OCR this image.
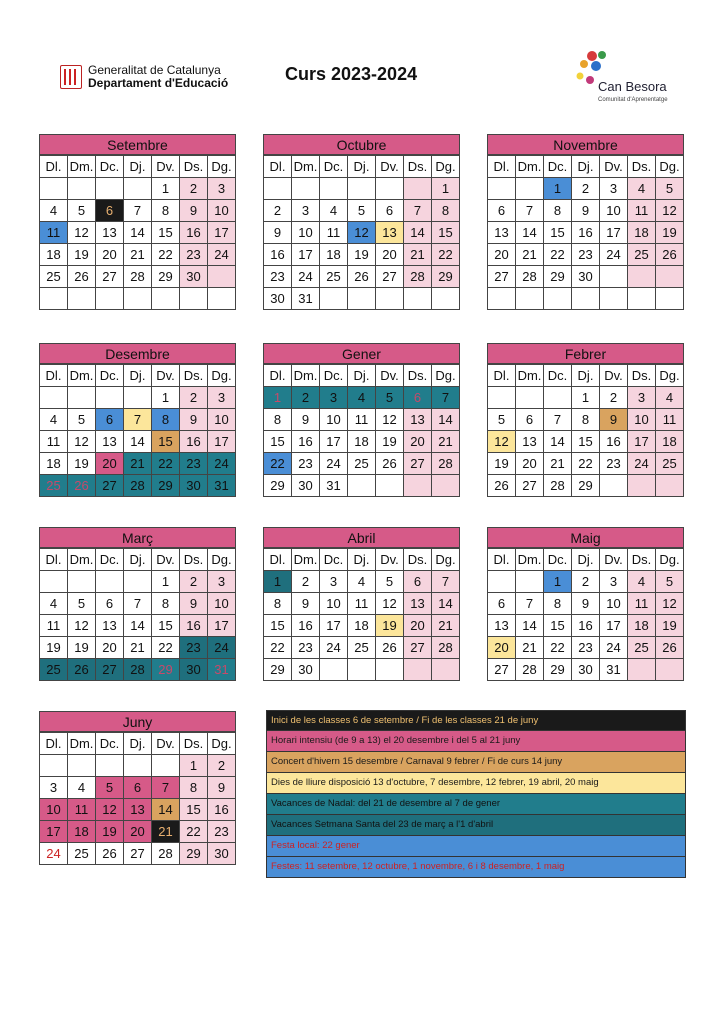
Generalitat de Catalunya
Departament d'Educació	Curs 2023-2024
Can Besora
Comunitat d'Aprenentatge
Setembre
Dl.	Dm.	Dc.	Dj.	Dv.	Ds.	Dg.
				1	2	3
4	5	6	7	8	9	10
11	12	13	14	15	16	17
18	19	20	21	22	23	24
25	26	27	28	29	30	

Octubre
Dl.	Dm.	Dc.	Dj.	Dv.	Ds.	Dg.
						1
2	3	4	5	6	7	8
9	10	11	12	13	14	15
16	17	18	19	20	21	22
23	24	25	26	27	28	29
30	31					
Novembre
Dl.	Dm.	Dc.	Dj.	Dv.	Ds.	Dg.
		1	2	3	4	5
6	7	8	9	10	11	12
13	14	15	16	17	18	19
20	21	22	23	24	25	26
27	28	29	30			

Desembre
Dl.	Dm.	Dc.	Dj.	Dv.	Ds.	Dg.
				1	2	3
4	5	6	7	8	9	10
11	12	13	14	15	16	17
18	19	20	21	22	23	24
25	26	27	28	29	30	31
Gener
Dl.	Dm.	Dc.	Dj.	Dv.	Ds.	Dg.
1	2	3	4	5	6	7
8	9	10	11	12	13	14
15	16	17	18	19	20	21
22	23	24	25	26	27	28
29	30	31				
Febrer
Dl.	Dm.	Dc.	Dj.	Dv.	Ds.	Dg.
			1	2	3	4
5	6	7	8	9	10	11
12	13	14	15	16	17	18
19	20	21	22	23	24	25
26	27	28	29			
Març
Dl.	Dm.	Dc.	Dj.	Dv.	Ds.	Dg.
				1	2	3
4	5	6	7	8	9	10
11	12	13	14	15	16	17
19	19	20	21	22	23	24
25	26	27	28	29	30	31
Abril
Dl.	Dm.	Dc.	Dj.	Dv.	Ds.	Dg.
1	2	3	4	5	6	7
8	9	10	11	12	13	14
15	16	17	18	19	20	21
22	23	24	25	26	27	28
29	30					
Maig
Dl.	Dm.	Dc.	Dj.	Dv.	Ds.	Dg.
		1	2	3	4	5
6	7	8	9	10	11	12
13	14	15	16	17	18	19
20	21	22	23	24	25	26
27	28	29	30	31		
Juny
Dl.	Dm.	Dc.	Dj.	Dv.	Ds.	Dg.
					1	2
3	4	5	6	7	8	9
10	11	12	13	14	15	16
17	18	19	20	21	22	23
24	25	26	27	28	29	30
Inici de les classes 6 de setembre / Fi de les classes 21 de juny
Horari intensiu (de 9 a 13) el 20 desembre i del 5 al 21 juny
Concert d'hivern 15 desembre / Carnaval 9 febrer / Fi de curs 14 juny
Dies de lliure disposició 13 d'octubre, 7 desembre, 12 febrer, 19 abril, 20 maig
Vacances de Nadal: del 21 de desembre al 7 de gener
Vacances Setmana Santa del 23 de març a l'1 d'abril
Festa local: 22 gener
Festes: 11 setembre, 12 octubre, 1 novembre, 6 i 8 desembre, 1 maig
